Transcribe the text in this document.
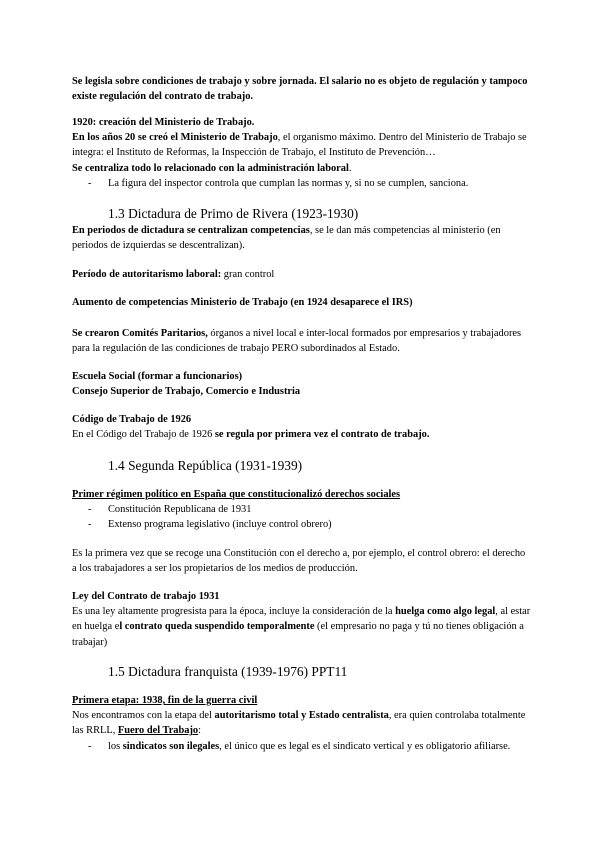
Se legisla sobre condiciones de trabajo y sobre jornada. El salario no es objeto de regulación y tampoco existe regulación del contrato de trabajo.

1920: creación del Ministerio de Trabajo.
En los años 20 se creó el Ministerio de Trabajo, el organismo máximo. Dentro del Ministerio de Trabajo se integra: el Instituto de Reformas, la Inspección de Trabajo, el Instituto de Prevención…
Se centraliza todo lo relacionado con la administración laboral.

- La figura del inspector controla que cumplan las normas y, si no se cumplen, sanciona.
1.3 Dictadura de Primo de Rivera (1923-1930)

En periodos de dictadura se centralizan competencias, se le dan más competencias al ministerio (en periodos de izquierdas se descentralizan).

Período de autoritarismo laboral: gran control

Aumento de competencias Ministerio de Trabajo (en 1924 desaparece el IRS)

Se crearon Comités Paritarios, órganos a nivel local e inter-local formados por empresarios y trabajadores para la regulación de las condiciones de trabajo PERO subordinados al Estado.

Escuela Social (formar a funcionarios)
Consejo Superior de Trabajo, Comercio e Industria

Código de Trabajo de 1926
En el Código del Trabajo de 1926 se regula por primera vez el contrato de trabajo.

1.4 Segunda República (1931-1939)

Primer régimen político en España que constitucionalizó derechos sociales

- Constitución Republicana de 1931
- Extenso programa legislativo (incluye control obrero)

Es la primera vez que se recoge una Constitución con el derecho a, por ejemplo, el control obrero: el derecho a los trabajadores a ser los propietarios de los medios de producción.

Ley del Contrato de trabajo 1931
Es una ley altamente progresista para la época, incluye la consideración de la huelga como algo legal, al estar en huelga el contrato queda suspendido temporalmente (el empresario no paga y tú no tienes obligación a trabajar)

1.5 Dictadura franquista (1939-1976) PPT11

Primera etapa: 1938, fin de la guerra civil
Nos encontramos con la etapa del autoritarismo total y Estado centralista, era quien controlaba totalmente las RRLL, Fuero del Trabajo:

- los sindicatos son ilegales, el único que es legal es el sindicato vertical y es obligatorio afiliarse.
